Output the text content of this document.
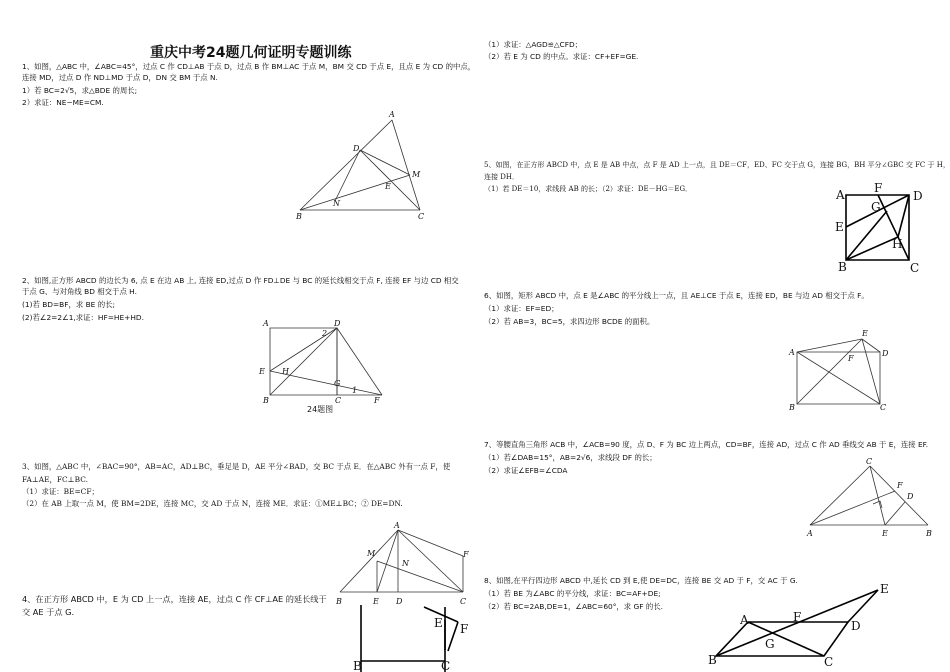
重庆中考24题几何证明专题训练
1、如图，△ABC 中，∠ABC=45°，过点 C 作 CD⊥AB 于点 D，过点 B 作 BM⊥AC 于点 M，BM 交 CD 于点 E，且点 E 为 CD 的中点，
连接 MD，过点 D 作 ND⊥MD 于点 D，DN 交 BM 于点 N.
1）若 BC=2√5，求△BDE 的周长;
2）求证：NE−ME=CM.
2、如图,正方形 ABCD 的边长为 6, 点 E 在边 AB 上, 连接 ED,过点 D 作 FD⊥DE 与 BC 的延长线相交于点 F, 连接 EF 与边 CD 相交
于点 G、与对角线 BD 相交于点 H.
(1)若 BD=BF，求 BE 的长;
(2)若∠2=2∠1,求证：HF=HE+HD.
3、如图，△ABC 中，∠BAC=90°，AB=AC，AD⊥BC，垂足是 D，AE 平分∠BAD，交 BC 于点 E．在△ABC 外有一点 F，使
FA⊥AE，FC⊥BC.
（1）求证：BE=CF；
（2）在 AB 上取一点 M，使 BM=2DE，连接 MC，交 AD 于点 N，连接 ME．求证：①ME⊥BC；② DE=DN.
4、在正方形 ABCD 中，E 为 CD 上一点，连接 AE，过点 C 作 CF⊥AE 的延长线于
交 AE 于点 G.
（1）求证：△AGD≌△CFD；
（2）若 E 为 CD 的中点。求证：CF+EF=GE.
5、如图，在正方形 ABCD 中，点 E 是 AB 中点，点 F 是 AD 上一点，且 DE＝CF，ED、FC 交于点 G，连接 BG，BH 平分∠GBC 交 FC 于 H，
连接 DH．
（1）若 DE＝10，求线段 AB 的长；（2）求证：DE－HG＝EG．
6、如图，矩形 ABCD 中，点 E 是∠ABC 的平分线上一点，且 AE⊥CE 于点 E，连接 ED，BE 与边 AD 相交于点 F。
（1）求证：EF=ED；
（2）若 AB=3，BC=5，求四边形 BCDE 的面积。
7、等腰直角三角形 ACB 中，∠ACB=90 度，点 D、F 为 BC 边上两点，CD=BF，连接 AD，过点 C 作 AD 垂线交 AB 于 E，连接 EF.
（1）若∠DAB=15°，AB=2√6，求线段 DF 的长；
（2）求证∠EFB=∠CDA
8、如图,在平行四边形 ABCD 中,延长 CD 到 E,使 DE=DC，连接 BE 交 AD 于 F，交 AC 于 G.
（1）若 BE 为∠ABC 的平分线，求证：BC=AF+DE;
（2）若 BC=2AB,DE=1，∠ABC=60°，求 GF 的长.
A
D
M
E
N
B	C
A	D
E H
G
B	C	F
2
1
24题图
A
M
N
F
B	E D	C
E F
B	C
A F
D
G
E
H
B	C
E
A
F
D
B	C
C
F
D
A	E	B
E
A	F
D
G
B	C
